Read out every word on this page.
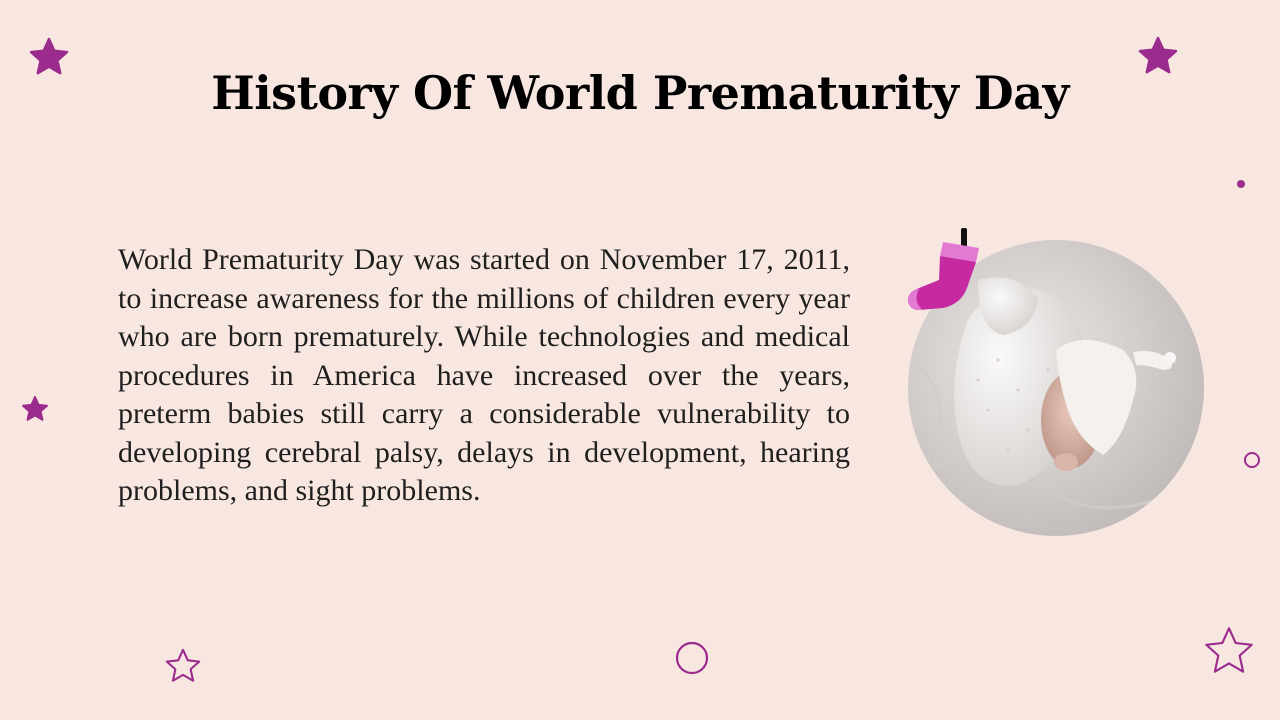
History Of World Prematurity Day
World Prematurity Day was started on November 17, 2011, to increase awareness for the millions of children every year who are born prematurely. While technologies and medical procedures in America have increased over the years, preterm babies still carry a considerable vulnerability to developing cerebral palsy, delays in development, hearing problems, and sight problems.
